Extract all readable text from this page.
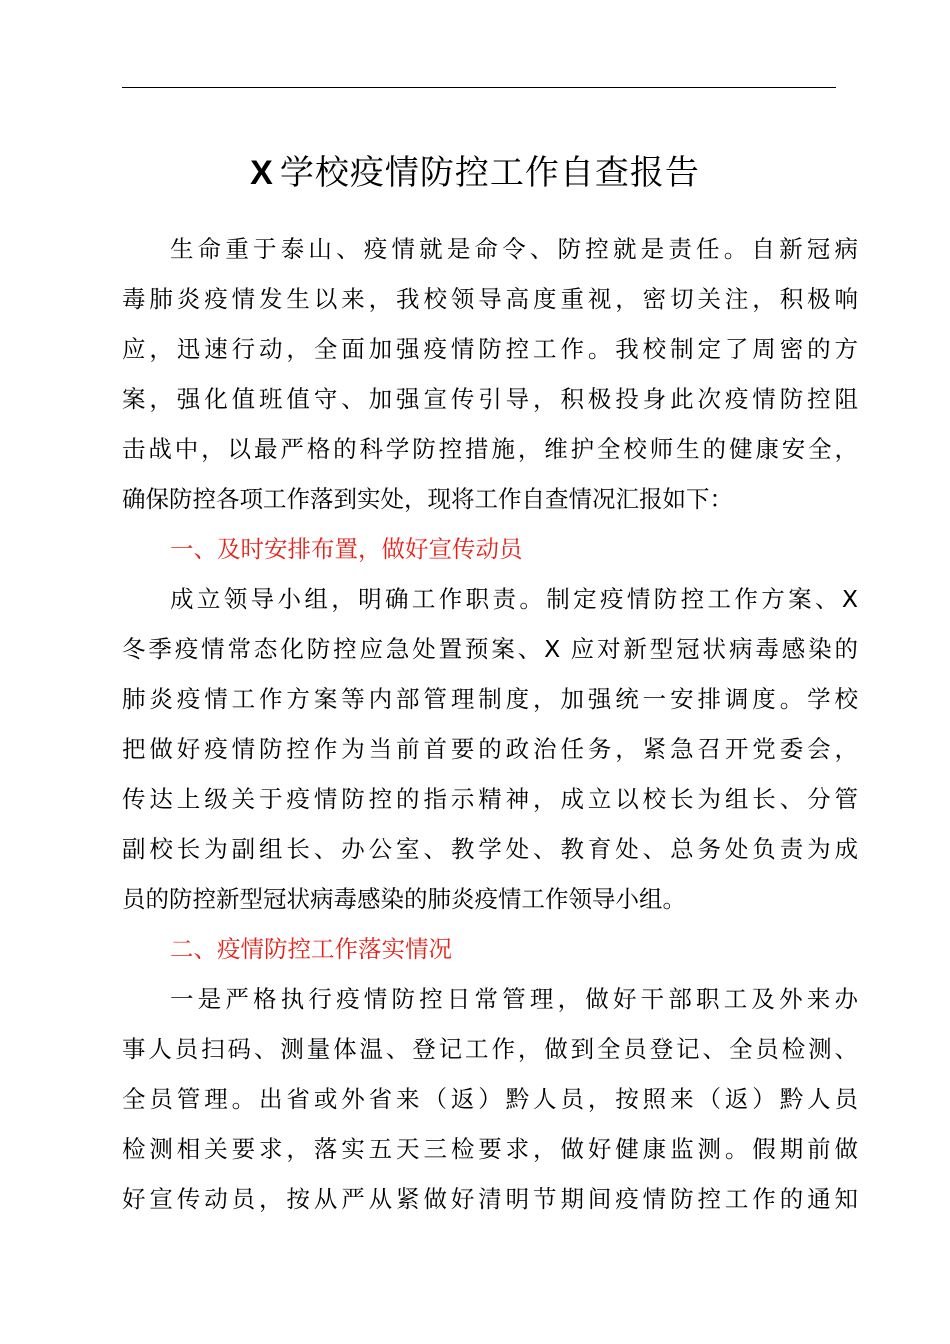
X 学校疫情防控工作自查报告
生命重于泰山、疫情就是命令、防控就是责任。自新冠病
毒肺炎疫情发生以来，我校领导高度重视，密切关注，积极响
应，迅速行动，全面加强疫情防控工作。我校制定了周密的方
案，强化值班值守、加强宣传引导，积极投身此次疫情防控阻
击战中，以最严格的科学防控措施，维护全校师生的健康安全，
确保防控各项工作落到实处，现将工作自查情况汇报如下：
一、及时安排布置，做好宣传动员
成立领导小组，明确工作职责。制定疫情防控工作方案、X
冬季疫情常态化防控应急处置预案、X 应对新型冠状病毒感染的
肺炎疫情工作方案等内部管理制度，加强统一安排调度。学校
把做好疫情防控作为当前首要的政治任务，紧急召开党委会，
传达上级关于疫情防控的指示精神，成立以校长为组长、分管
副校长为副组长、办公室、教学处、教育处、总务处负责为成
员的防控新型冠状病毒感染的肺炎疫情工作领导小组。
二、疫情防控工作落实情况
一是严格执行疫情防控日常管理，做好干部职工及外来办
事人员扫码、测量体温、登记工作，做到全员登记、全员检测、
全员管理。出省或外省来（返）黔人员，按照来（返）黔人员
检测相关要求，落实五天三检要求，做好健康监测。假期前做
好宣传动员，按从严从紧做好清明节期间疫情防控工作的通知
